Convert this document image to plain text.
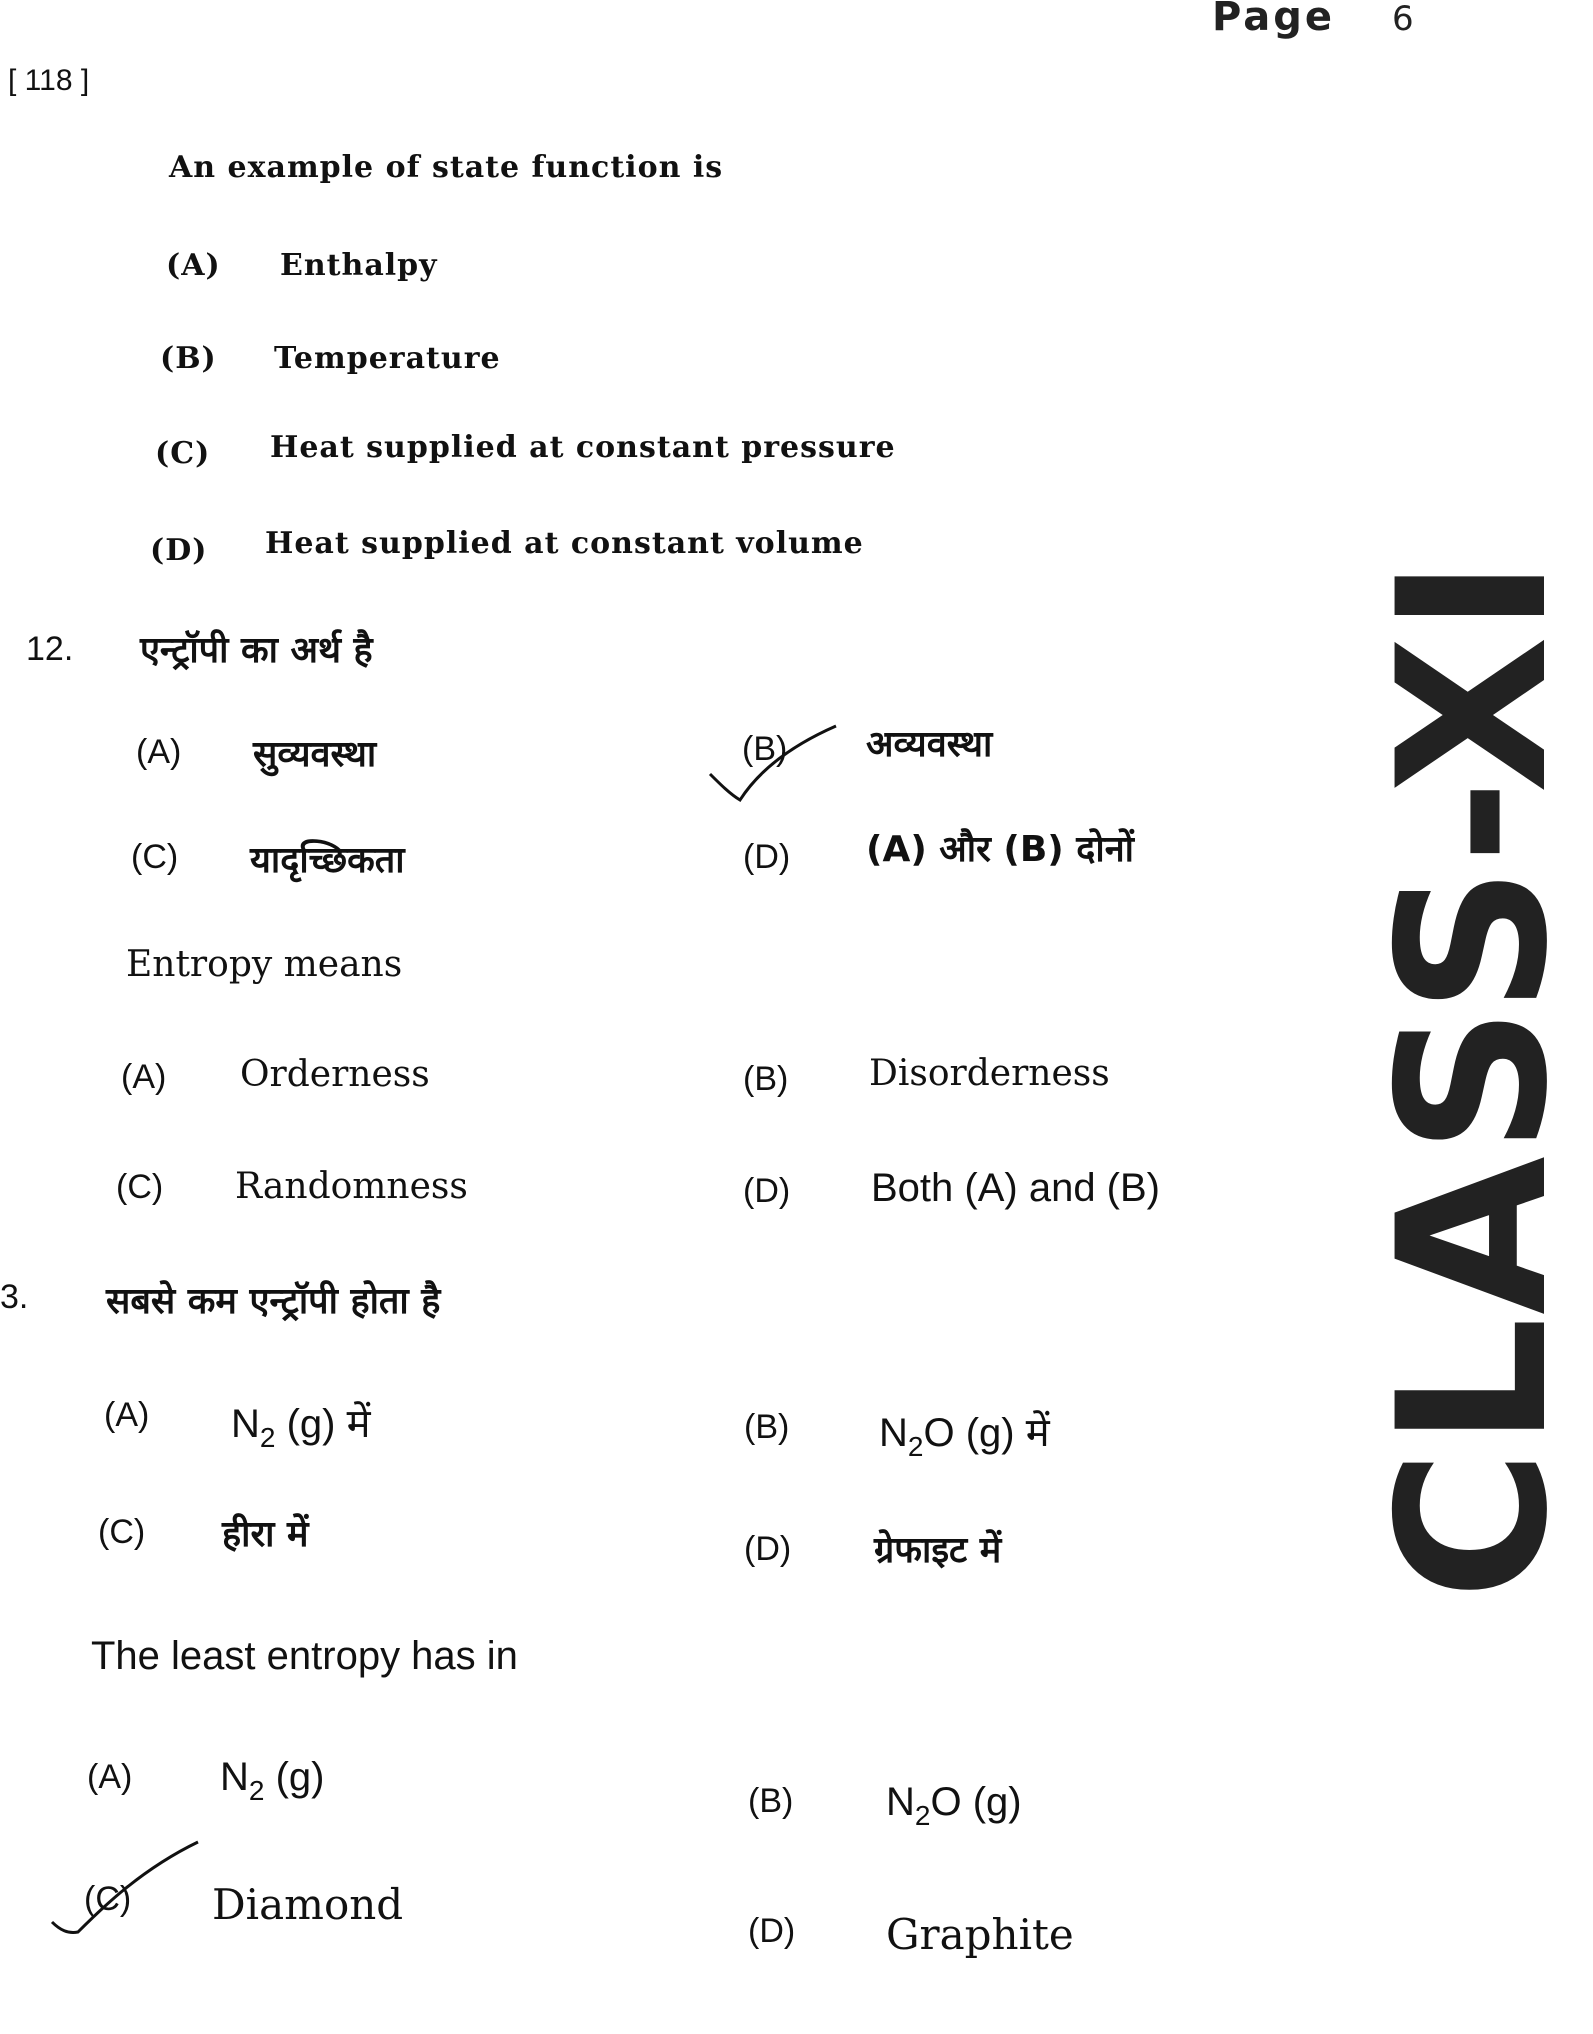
[ 118 ]
Page 6
CLASS-XI
An example of state function is
(A) Enthalpy
(B) Temperature
(C) Heat supplied at constant pressure
(D) Heat supplied at constant volume
12. एन्ट्रॉपी का अर्थ है
(A) सुव्यवस्था	(B) अव्यवस्था
(C) यादृच्छिकता	(D) (A) और (B) दोनों
Entropy means
(A) Orderness	(B) Disorderness
(C) Randomness	(D) Both (A) and (B)
3. सबसे कम एन्ट्रॉपी होता है
(A) $N_2$ (g) में	(B) $N_2O$ (g) में
(C) हीरा में	(D) ग्रेफाइट में
The least entropy has in
(A) $N_2$ (g)
(B) $N_2O$ (g)
(C) Diamond
(D) Graphite
